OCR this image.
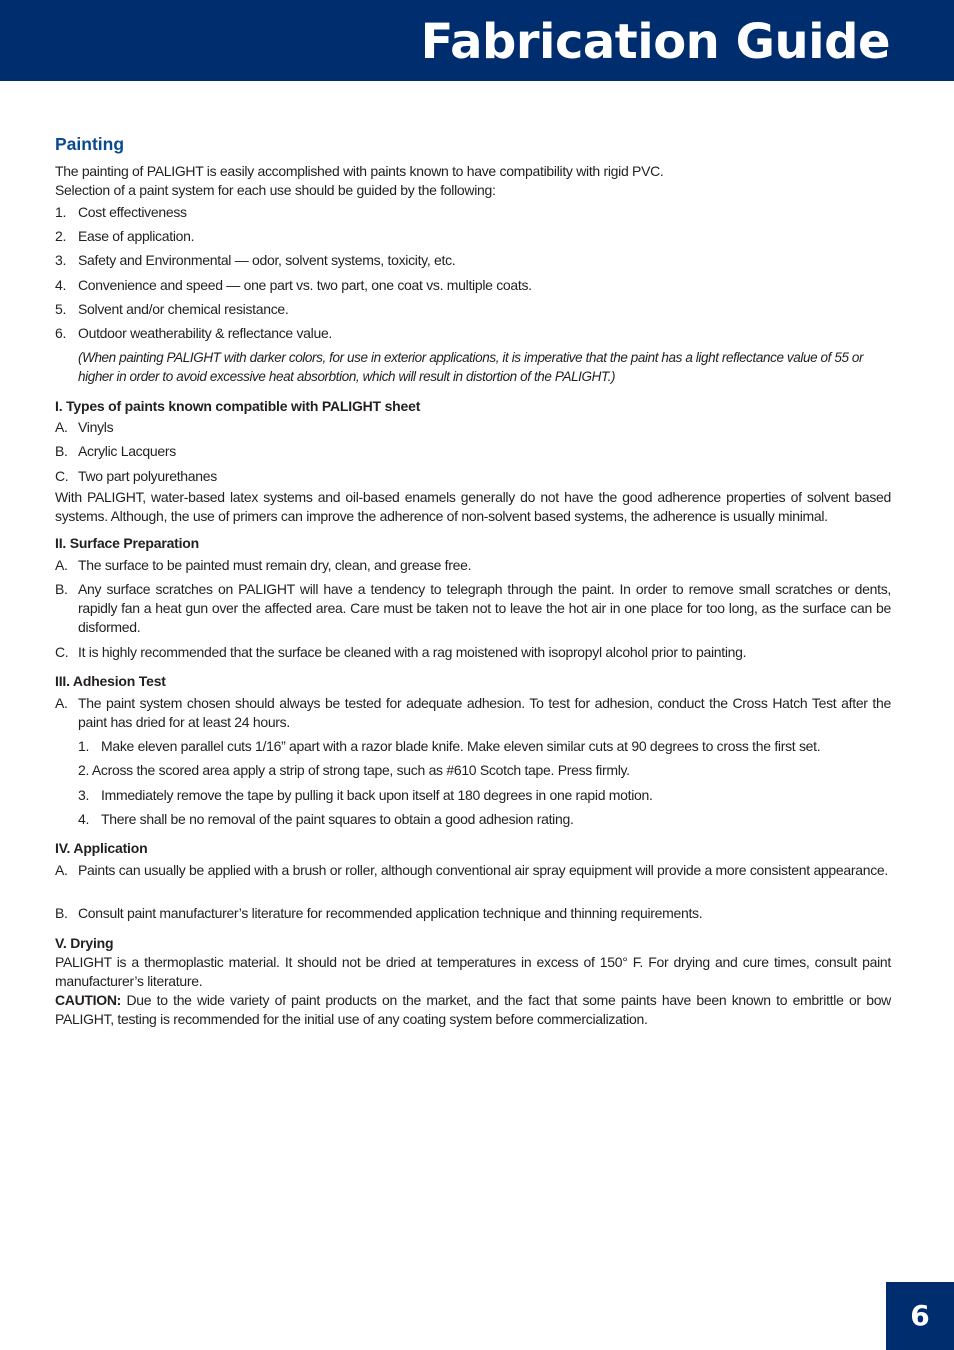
Fabrication Guide
Painting
The painting of PALIGHT is easily accomplished with paints known to have compatibility with rigid PVC.
Selection of a paint system for each use should be guided by the following:
1. Cost effectiveness
2. Ease of application.
3. Safety and Environmental — odor, solvent systems, toxicity, etc.
4. Convenience and speed — one part vs. two part, one coat vs. multiple coats.
5. Solvent and/or chemical resistance.
6. Outdoor weatherability & reflectance value.
(When painting PALIGHT with darker colors, for use in exterior applications, it is imperative that the paint has a light reflectance value of 55 or higher in order to avoid excessive heat absorbtion, which will result in distortion of the PALIGHT.)
I. Types of paints known compatible with PALIGHT sheet
A. Vinyls
B. Acrylic Lacquers
C. Two part polyurethanes
With PALIGHT, water-based latex systems and oil-based enamels generally do not have the good adherence properties of solvent based systems. Although, the use of primers can improve the adherence of non-solvent based systems, the adherence is usually minimal.
II. Surface Preparation
A. The surface to be painted must remain dry, clean, and grease free.
B. Any surface scratches on PALIGHT will have a tendency to telegraph through the paint. In order to remove small scratches or dents, rapidly fan a heat gun over the affected area. Care must be taken not to leave the hot air in one place for too long, as the surface can be disformed.
C. It is highly recommended that the surface be cleaned with a rag moistened with isopropyl alcohol prior to painting.
III. Adhesion Test
A. The paint system chosen should always be tested for adequate adhesion. To test for adhesion, conduct the Cross Hatch Test after the paint has dried for at least 24 hours.
1. Make eleven parallel cuts 1/16” apart with a razor blade knife. Make eleven similar cuts at 90 degrees to cross the first set.
2. Across the scored area apply a strip of strong tape, such as #610 Scotch tape. Press firmly.
3. Immediately remove the tape by pulling it back upon itself at 180 degrees in one rapid motion.
4. There shall be no removal of the paint squares to obtain a good adhesion rating.
IV. Application
A. Paints can usually be applied with a brush or roller, although conventional air spray equipment will provide a more consistent appearance.
B. Consult paint manufacturer’s literature for recommended application technique and thinning requirements.
V. Drying
PALIGHT is a thermoplastic material. It should not be dried at temperatures in excess of 150° F. For drying and cure times, consult paint manufacturer’s literature.
CAUTION: Due to the wide variety of paint products on the market, and the fact that some paints have been known to embrittle or bow PALIGHT, testing is recommended for the initial use of any coating system before commercialization.
6
